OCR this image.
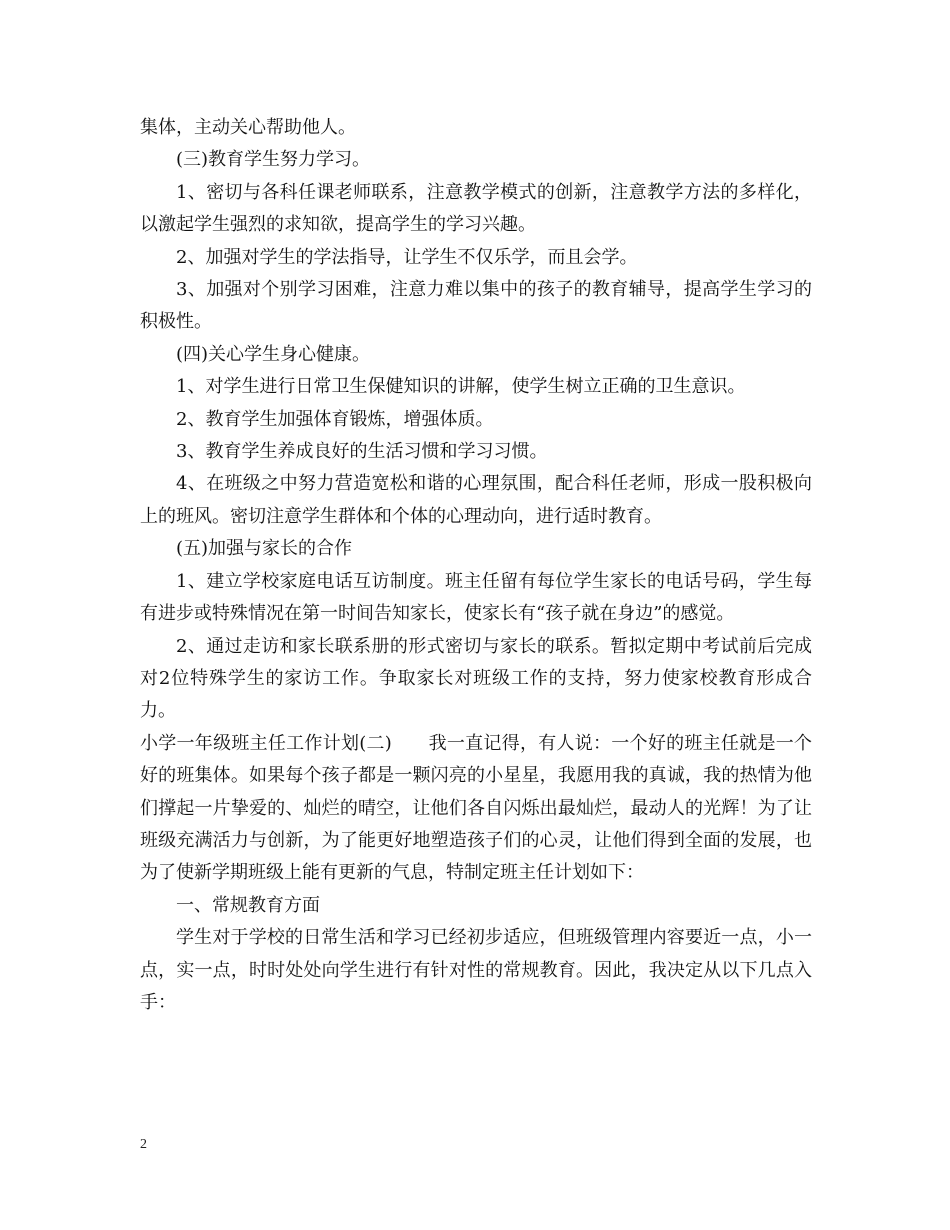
集体，主动关心帮助他人。

(三)教育学生努力学习。

1、密切与各科任课老师联系，注意教学模式的创新，注意教学方法的多样化，以激起学生强烈的求知欲，提高学生的学习兴趣。

2、加强对学生的学法指导，让学生不仅乐学，而且会学。

3、加强对个别学习困难，注意力难以集中的孩子的教育辅导，提高学生学习的积极性。

(四)关心学生身心健康。

1、对学生进行日常卫生保健知识的讲解，使学生树立正确的卫生意识。

2、教育学生加强体育锻炼，增强体质。

3、教育学生养成良好的生活习惯和学习习惯。

4、在班级之中努力营造宽松和谐的心理氛围，配合科任老师，形成一股积极向上的班风。密切注意学生群体和个体的心理动向，进行适时教育。

(五)加强与家长的合作

1、建立学校家庭电话互访制度。班主任留有每位学生家长的电话号码，学生每有进步或特殊情况在第一时间告知家长，使家长有“孩子就在身边”的感觉。

2、通过走访和家长联系册的形式密切与家长的联系。暂拟定期中考试前后完成对2位特殊学生的家访工作。争取家长对班级工作的支持，努力使家校教育形成合力。

小学一年级班主任工作计划(二)　　我一直记得，有人说：一个好的班主任就是一个好的班集体。如果每个孩子都是一颗闪亮的小星星，我愿用我的真诚，我的热情为他们撑起一片挚爱的、灿烂的晴空，让他们各自闪烁出最灿烂，最动人的光辉！为了让班级充满活力与创新，为了能更好地塑造孩子们的心灵，让他们得到全面的发展，也为了使新学期班级上能有更新的气息，特制定班主任计划如下：

一、常规教育方面

学生对于学校的日常生活和学习已经初步适应，但班级管理内容要近一点，小一点，实一点，时时处处向学生进行有针对性的常规教育。因此，我决定从以下几点入手：

2
